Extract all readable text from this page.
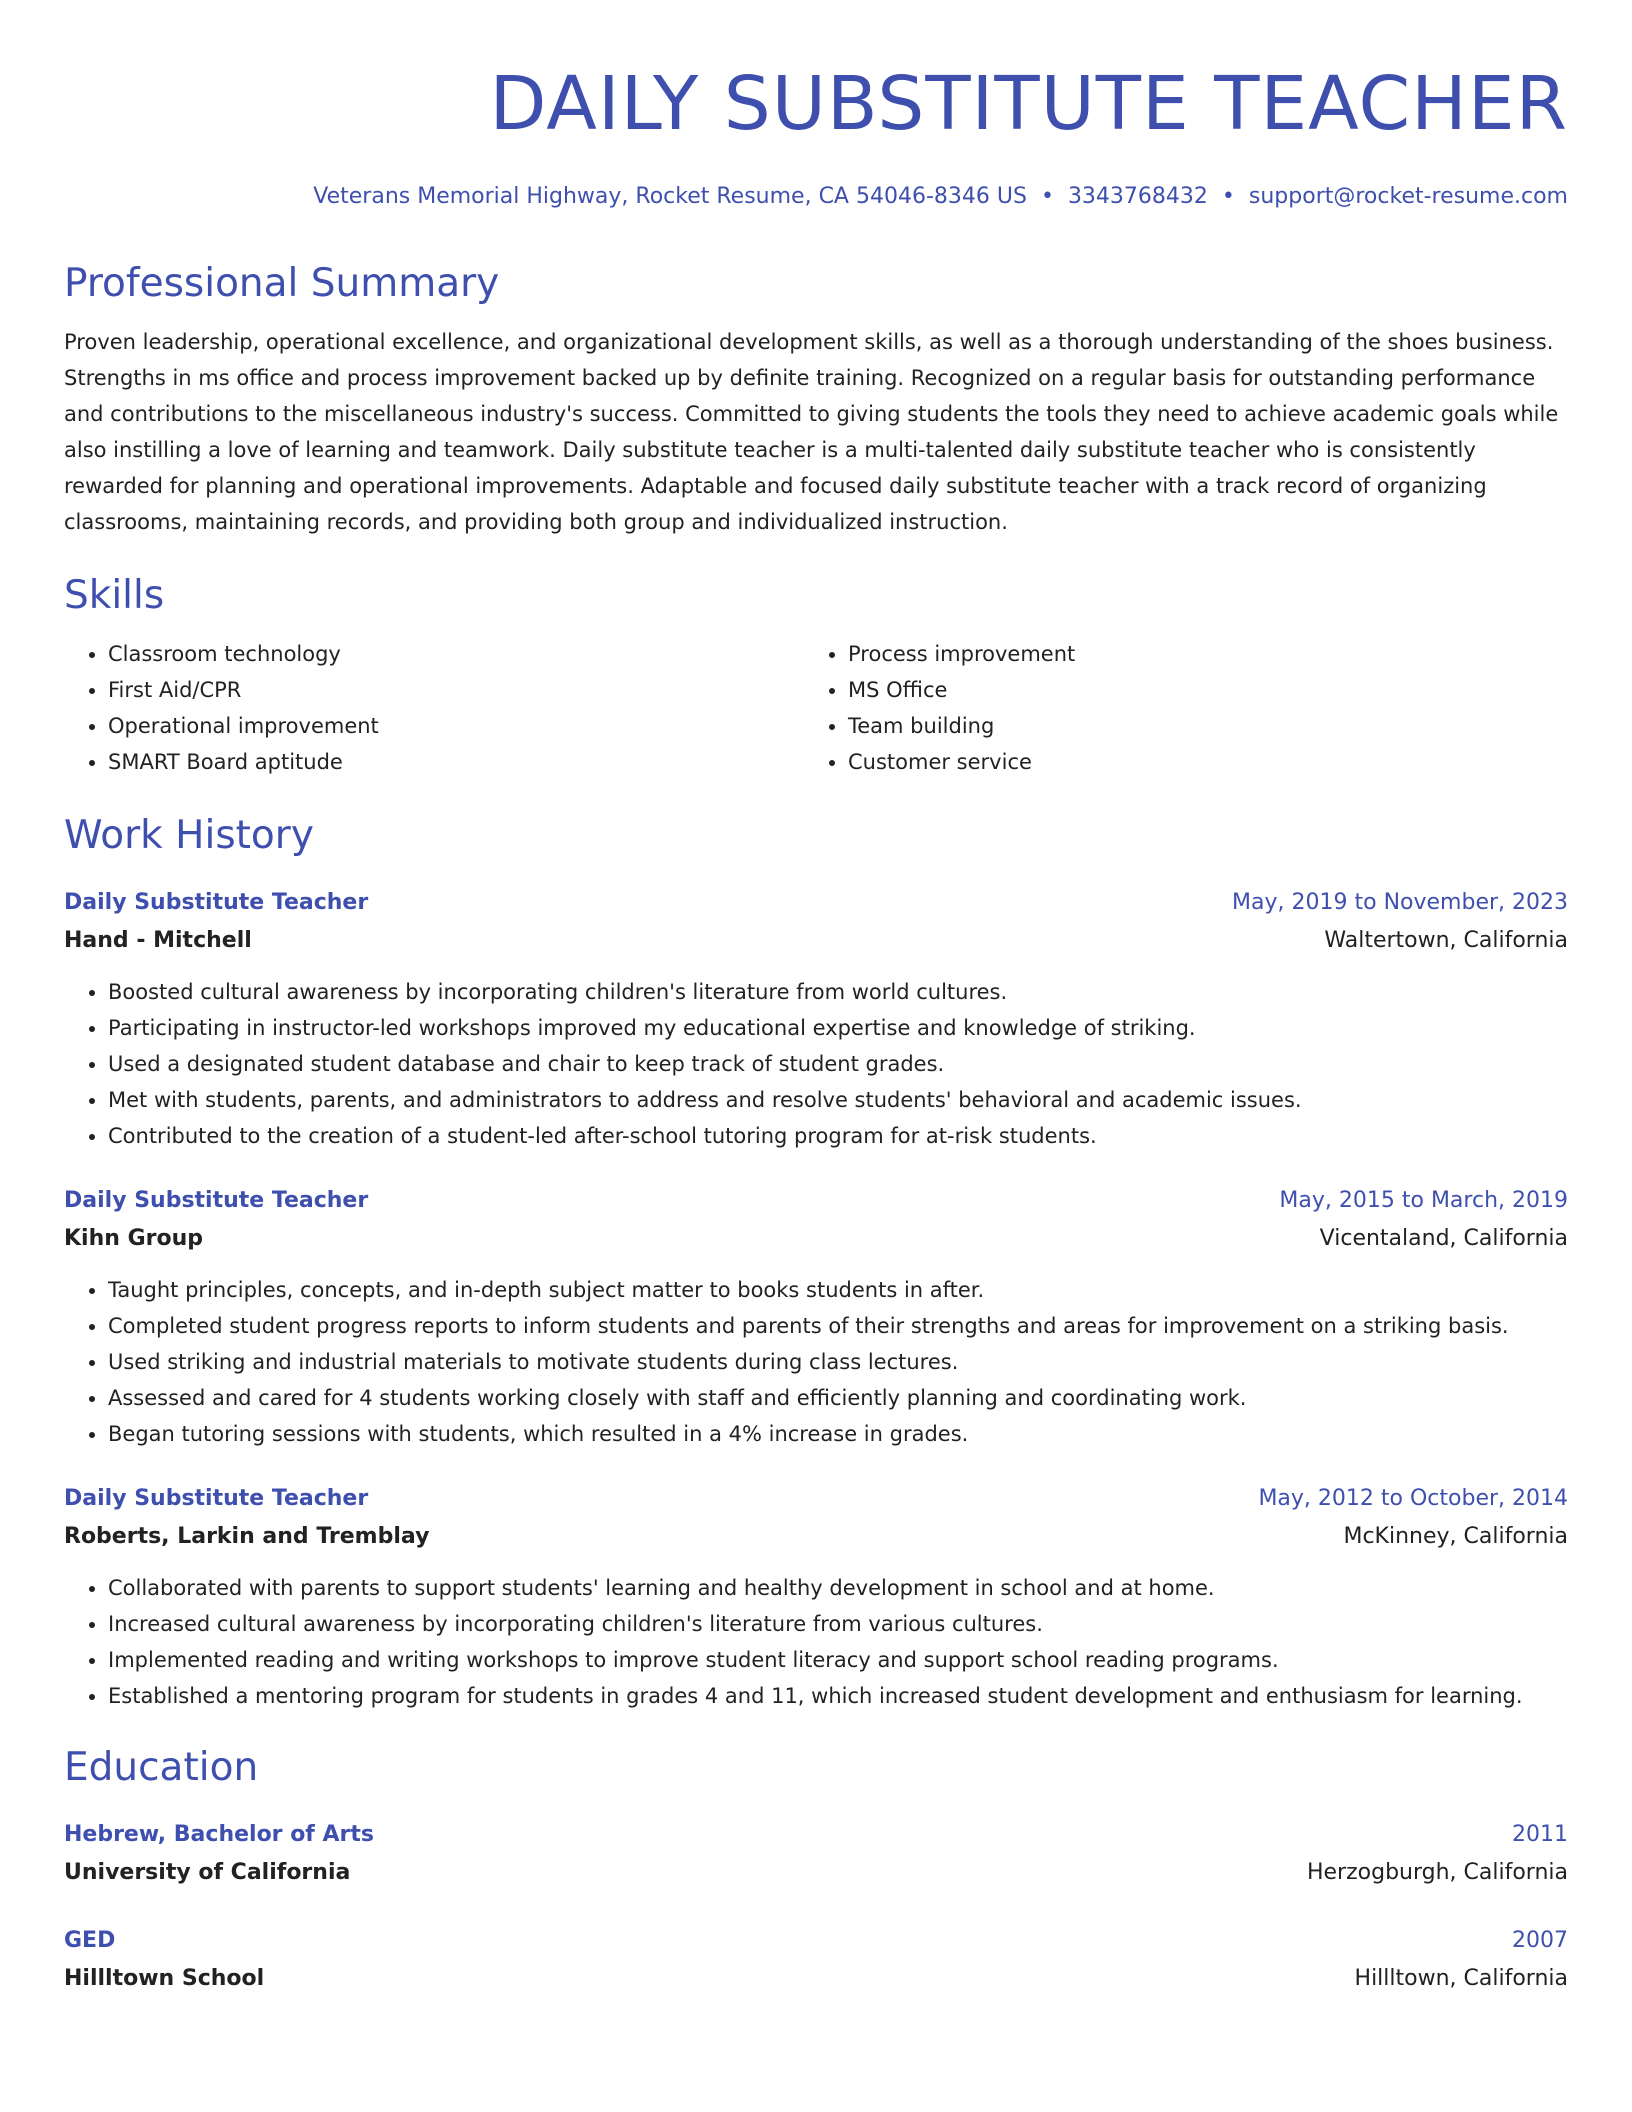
DAILY SUBSTITUTE TEACHER
Veterans Memorial Highway, Rocket Resume, CA 54046-8346 US • 3343768432 • support@rocket-resume.com
Professional Summary

Proven leadership, operational excellence, and organizational development skills, as well as a thorough understanding of the shoes business. Strengths in ms office and process improvement backed up by definite training. Recognized on a regular basis for outstanding performance and contributions to the miscellaneous industry's success. Committed to giving students the tools they need to achieve academic goals while also instilling a love of learning and teamwork. Daily substitute teacher is a multi-talented daily substitute teacher who is consistently rewarded for planning and operational improvements. Adaptable and focused daily substitute teacher with a track record of organizing classrooms, maintaining records, and providing both group and individualized instruction.

Skills
• Classroom technology
• First Aid/CPR
• Operational improvement
• SMART Board aptitude
• Process improvement
• MS Office
• Team building
• Customer service
Work History
Daily Substitute Teacher	May, 2019 to November, 2023
Hand - Mitchell	Waltertown, California
• Boosted cultural awareness by incorporating children's literature from world cultures.
• Participating in instructor-led workshops improved my educational expertise and knowledge of striking.
• Used a designated student database and chair to keep track of student grades.
• Met with students, parents, and administrators to address and resolve students' behavioral and academic issues.
• Contributed to the creation of a student-led after-school tutoring program for at-risk students.
Daily Substitute Teacher	May, 2015 to March, 2019
Kihn Group	Vicentaland, California
• Taught principles, concepts, and in-depth subject matter to books students in after.
• Completed student progress reports to inform students and parents of their strengths and areas for improvement on a striking basis.
• Used striking and industrial materials to motivate students during class lectures.
• Assessed and cared for 4 students working closely with staff and efficiently planning and coordinating work.
• Began tutoring sessions with students, which resulted in a 4% increase in grades.
Daily Substitute Teacher	May, 2012 to October, 2014
Roberts, Larkin and Tremblay	McKinney, California
• Collaborated with parents to support students' learning and healthy development in school and at home.
• Increased cultural awareness by incorporating children's literature from various cultures.
• Implemented reading and writing workshops to improve student literacy and support school reading programs.
• Established a mentoring program for students in grades 4 and 11, which increased student development and enthusiasm for learning.
Education
Hebrew, Bachelor of Arts	2011
University of California	Herzogburgh, California
GED	2007
Hillltown School	Hillltown, California
